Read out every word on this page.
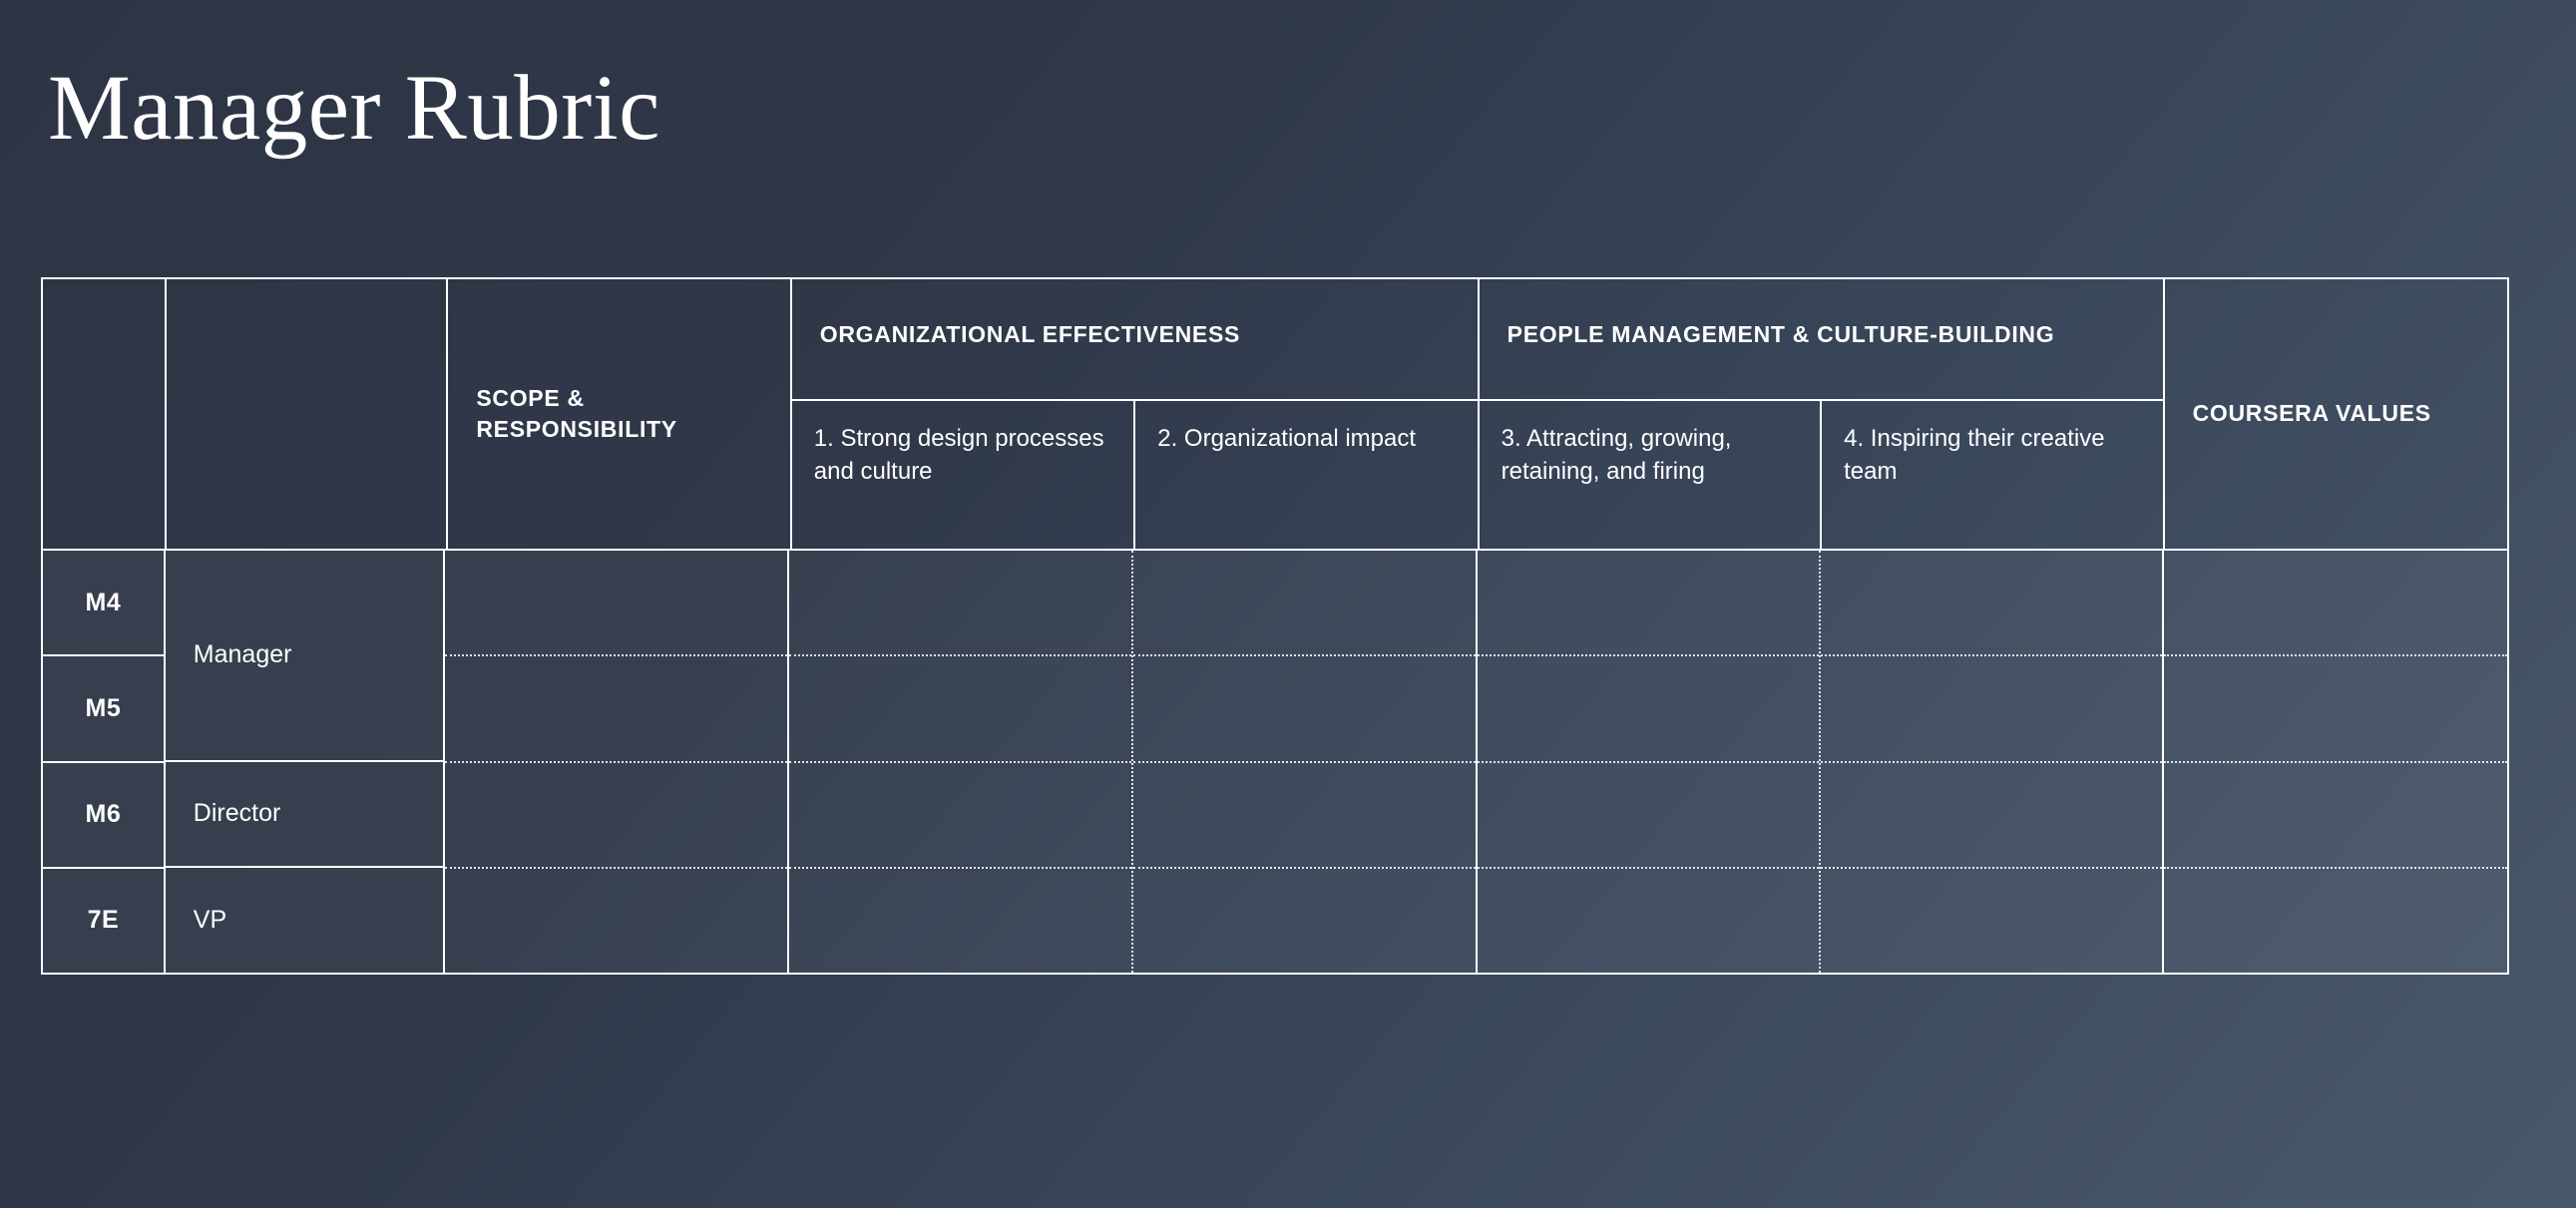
Manager Rubric
SCOPE & RESPONSIBILITY
ORGANIZATIONAL EFFECTIVENESS
1. Strong design processes and culture
2. Organizational impact
PEOPLE MANAGEMENT & CULTURE-BUILDING
3. Attracting, growing, retaining, and firing
4. Inspiring their creative team
COURSERA VALUES
M4
M5
M6
7E
Manager
Director
VP
